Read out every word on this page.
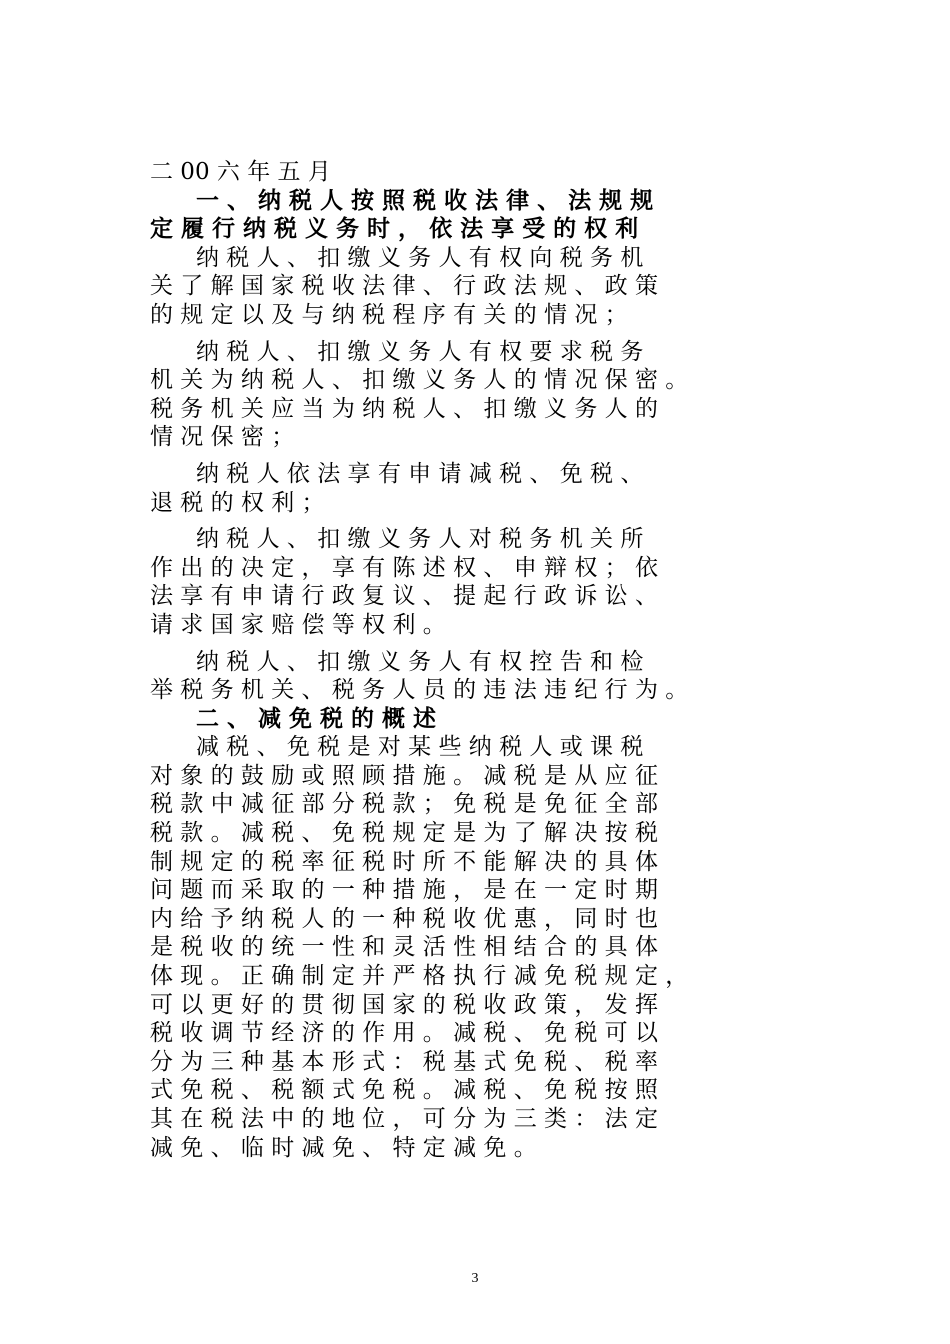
二 00 六 年 五 月
　　一 、 纳 税 人 按 照 税 收 法 律 、 法 规 规
定 履 行 纳 税 义 务 时 ， 依 法 享 受 的 权 利
　　纳 税 人 、 扣 缴 义 务 人 有 权 向 税 务 机
关 了 解 国 家 税 收 法 律 、 行 政 法 规 、 政 策
的 规 定 以 及 与 纳 税 程 序 有 关 的 情 况 ；
　　纳 税 人 、 扣 缴 义 务 人 有 权 要 求 税 务
机 关 为 纳 税 人 、 扣 缴 义 务 人 的 情 况 保 密 。
税 务 机 关 应 当 为 纳 税 人 、 扣 缴 义 务 人 的
情 况 保 密 ；
　　纳 税 人 依 法 享 有 申 请 减 税 、 免 税 、
退 税 的 权 利 ；
　　纳 税 人 、 扣 缴 义 务 人 对 税 务 机 关 所
作 出 的 决 定 ， 享 有 陈 述 权 、 申 辩 权 ； 依
法 享 有 申 请 行 政 复 议 、 提 起 行 政 诉 讼 、
请 求 国 家 赔 偿 等 权 利 。
　　纳 税 人 、 扣 缴 义 务 人 有 权 控 告 和 检
举 税 务 机 关 、 税 务 人 员 的 违 法 违 纪 行 为 。
　　二 、 减 免 税 的 概 述
　　减 税 、 免 税 是 对 某 些 纳 税 人 或 课 税
对 象 的 鼓 励 或 照 顾 措 施 。 减 税 是 从 应 征
税 款 中 减 征 部 分 税 款 ； 免 税 是 免 征 全 部
税 款 。 减 税 、 免 税 规 定 是 为 了 解 决 按 税
制 规 定 的 税 率 征 税 时 所 不 能 解 决 的 具 体
问 题 而 采 取 的 一 种 措 施 ， 是 在 一 定 时 期
内 给 予 纳 税 人 的 一 种 税 收 优 惠 ， 同 时 也
是 税 收 的 统 一 性 和 灵 活 性 相 结 合 的 具 体
体 现 。 正 确 制 定 并 严 格 执 行 减 免 税 规 定 ，
可 以 更 好 的 贯 彻 国 家 的 税 收 政 策 ， 发 挥
税 收 调 节 经 济 的 作 用 。 减 税 、 免 税 可 以
分 为 三 种 基 本 形 式 ： 税 基 式 免 税 、 税 率
式 免 税 、 税 额 式 免 税 。 减 税 、 免 税 按 照
其 在 税 法 中 的 地 位 ， 可 分 为 三 类 ： 法 定
减 免 、 临 时 减 免 、 特 定 减 免 。
3
